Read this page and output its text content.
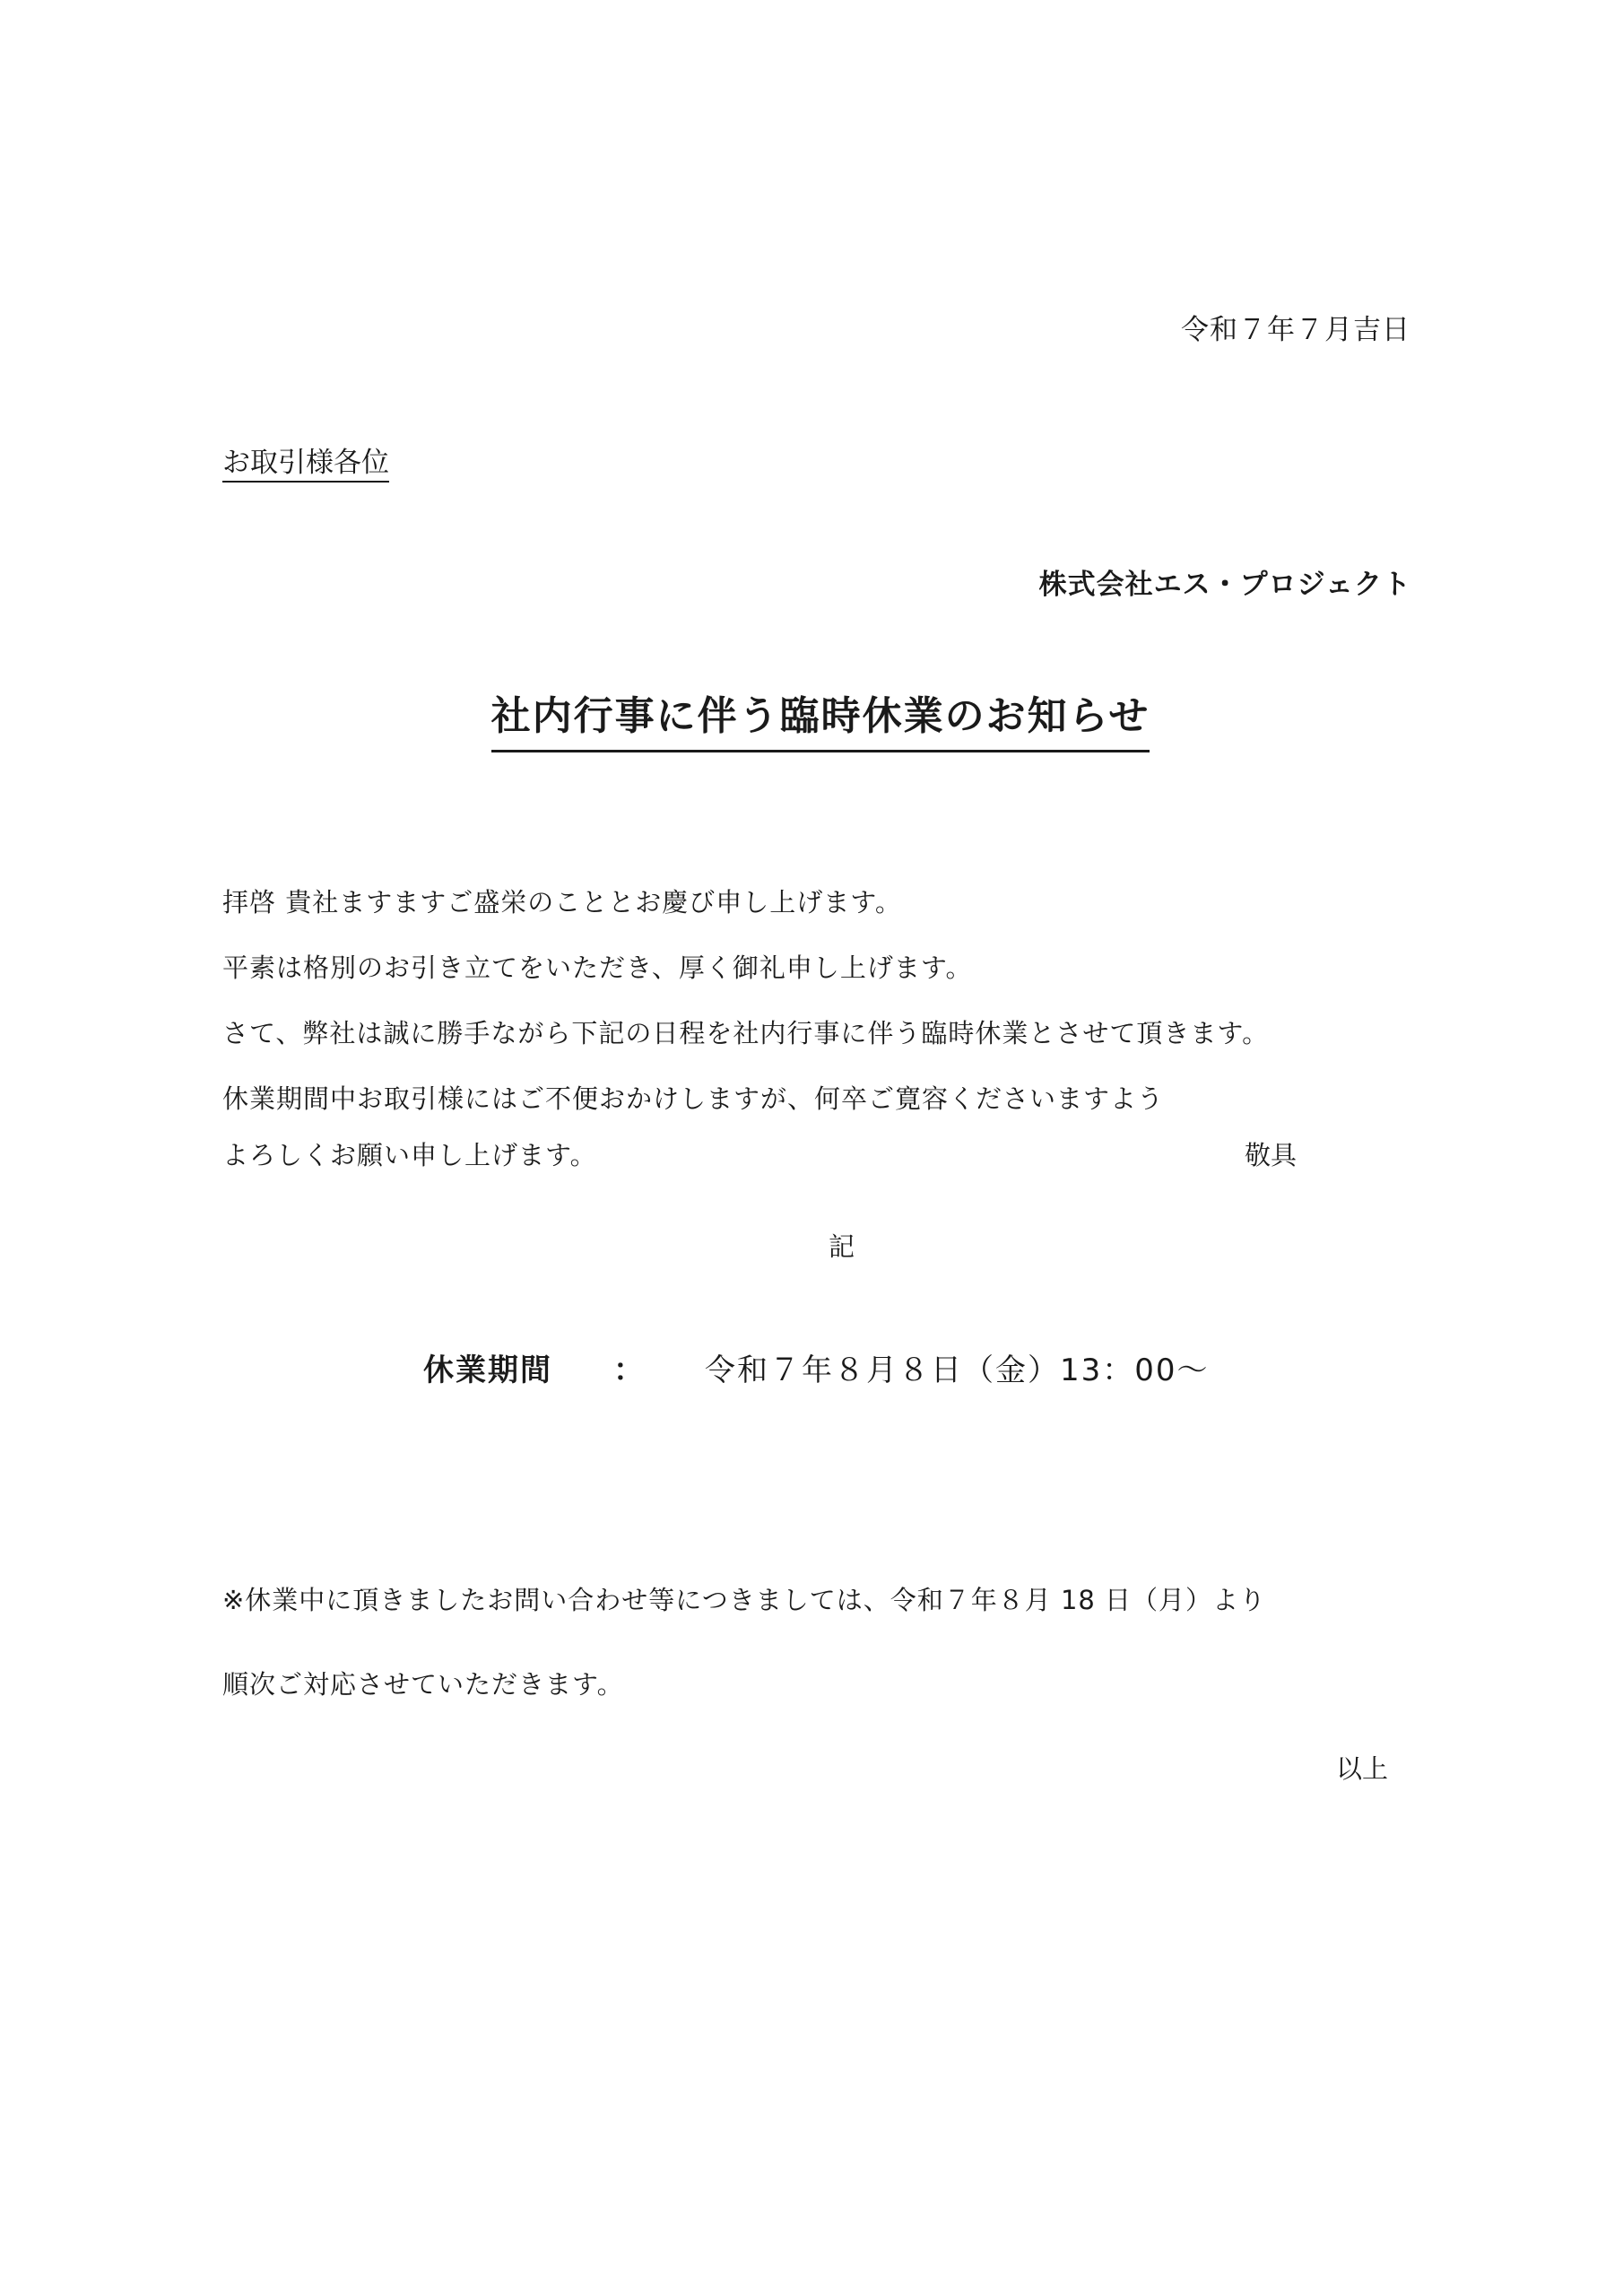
令和７年７月吉日
お取引様各位
株式会社エス・プロジェクト
社内行事に伴う臨時休業のお知らせ
拝啓 貴社ますますご盛栄のこととお慶び申し上げます。
平素は格別のお引き立てをいただき、厚く御礼申し上げます。
さて、弊社は誠に勝手ながら下記の日程を社内行事に伴う臨時休業とさせて頂きます。
休業期間中お取引様にはご不便おかけしますが、何卒ご寛容くださいますよう
よろしくお願い申し上げます。	敬具
記
休業期間 ： 令和７年８月８日（金）13：00～
※休業中に頂きましたお問い合わせ等につきましては、令和７年８月 18 日（月）より
順次ご対応させていただきます。
以上
